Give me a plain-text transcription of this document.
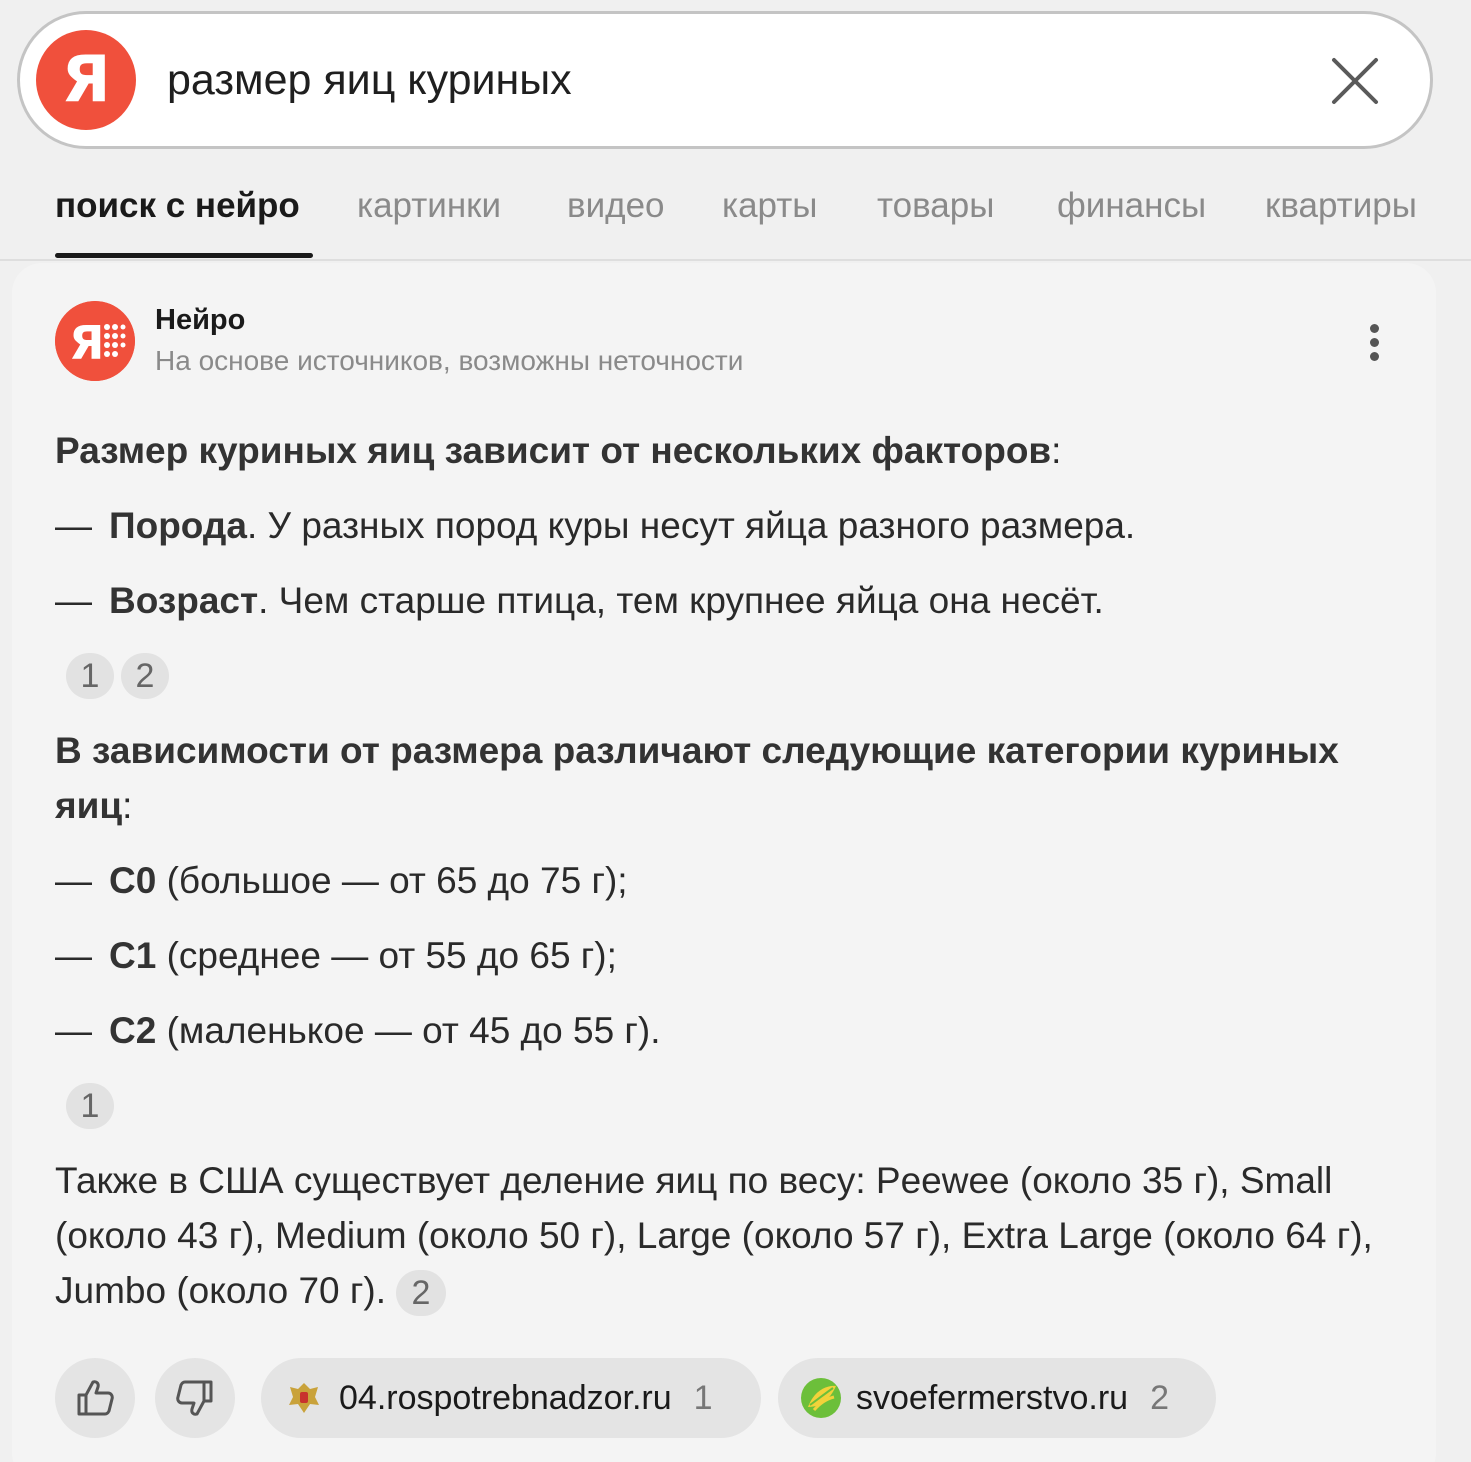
Я	размер яиц куриных
поиск с нейро картинки видео карты товары финансы квартиры
Я Нейро
На основе источников, возможны неточности
Размер куриных яиц зависит от нескольких факторов:
— Порода. У разных пород куры несут яйца разного размера.
— Возраст. Чем старше птица, тем крупнее яйца она несёт.
1	2
В зависимости от размера различают следующие категории куриных
яиц:
— С0 (большое — от 65 до 75 г);
— С1 (среднее — от 55 до 65 г);
— С2 (маленькое — от 45 до 55 г).
1
Также в США существует деление яиц по весу: Peewee (около 35 г), Small (около 43 г), Medium (около 50 г), Large (около 57 г), Extra Large (около 64 г), Jumbo (около 70 г). 2
04.rospotrebnadzor.ru 1	svoefermerstvo.ru 2
